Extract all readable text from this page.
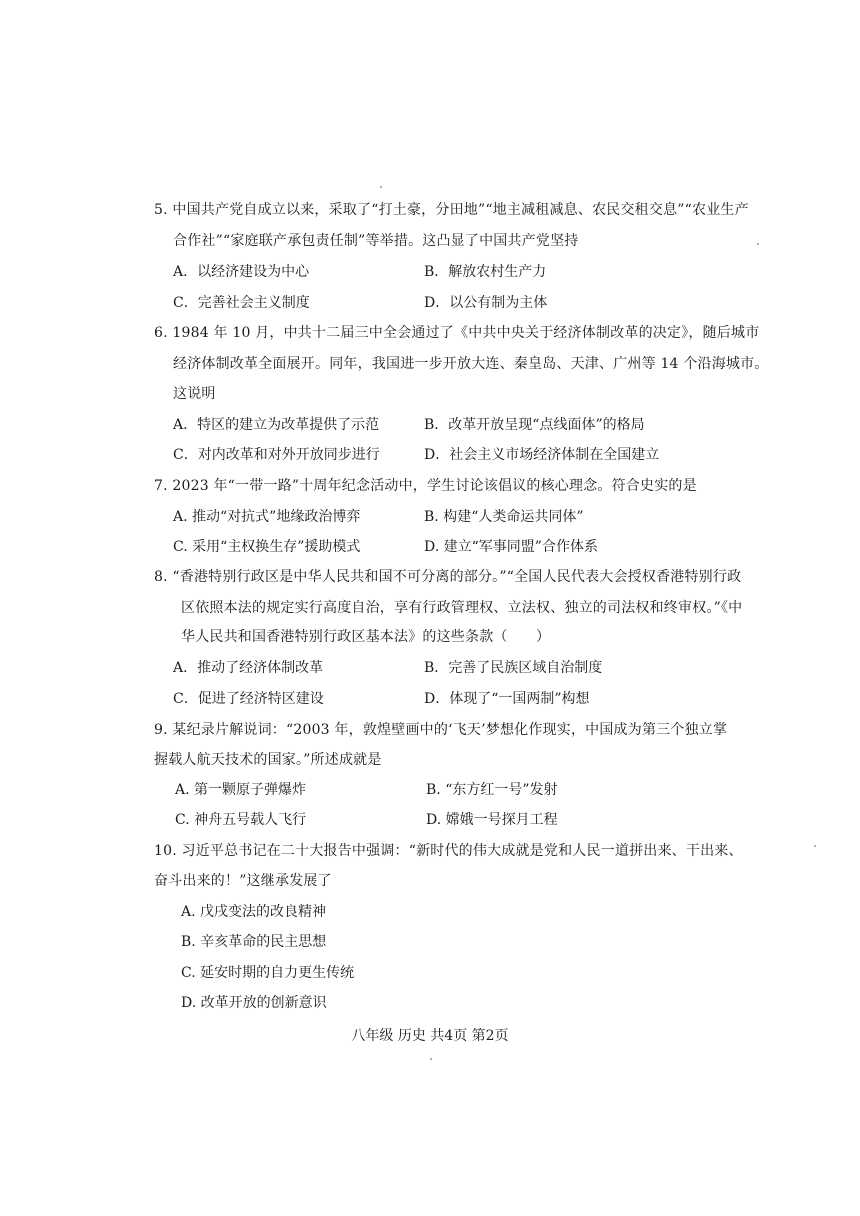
5. 中国共产党自成立以来，采取了“打土豪，分田地”“地主减租减息、农民交租交息”“农业生产
合作社”“家庭联产承包责任制”等举措。这凸显了中国共产党坚持
A．以经济建设为中心	B．解放农村生产力
C．完善社会主义制度	D．以公有制为主体
6. 1984 年 10 月，中共十二届三中全会通过了《中共中央关于经济体制改革的决定》，随后城市
经济体制改革全面展开。同年，我国进一步开放大连、秦皇岛、天津、广州等 14 个沿海城市。
这说明
A．特区的建立为改革提供了示范	B．改革开放呈现“点线面体”的格局
C．对内改革和对外开放同步进行	D．社会主义市场经济体制在全国建立
7. 2023 年“一带一路”十周年纪念活动中，学生讨论该倡议的核心理念。符合史实的是
A. 推动“对抗式”地缘政治博弈	B. 构建“人类命运共同体”
C. 采用“主权换生存”援助模式	D. 建立“军事同盟”合作体系
8. “香港特别行政区是中华人民共和国不可分离的部分。”“全国人民代表大会授权香港特别行政
区依照本法的规定实行高度自治，享有行政管理权、立法权、独立的司法权和终审权。”《中
华人民共和国香港特别行政区基本法》的这些条款（　　）
A．推动了经济体制改革	B．完善了民族区域自治制度
C．促进了经济特区建设	D．体现了“一国两制”构想
9. 某纪录片解说词：“2003 年，敦煌壁画中的‘飞天’梦想化作现实，中国成为第三个独立掌
握载人航天技术的国家。”所述成就是
A. 第一颗原子弹爆炸	B. “东方红一号”发射
C. 神舟五号载人飞行	D. 嫦娥一号探月工程
10. 习近平总书记在二十大报告中强调：“新时代的伟大成就是党和人民一道拼出来、干出来、
奋斗出来的！”这继承发展了
A. 戊戌变法的改良精神
B. 辛亥革命的民主思想
C. 延安时期的自力更生传统
D. 改革开放的创新意识
八年级 历史 共4页 第2页
